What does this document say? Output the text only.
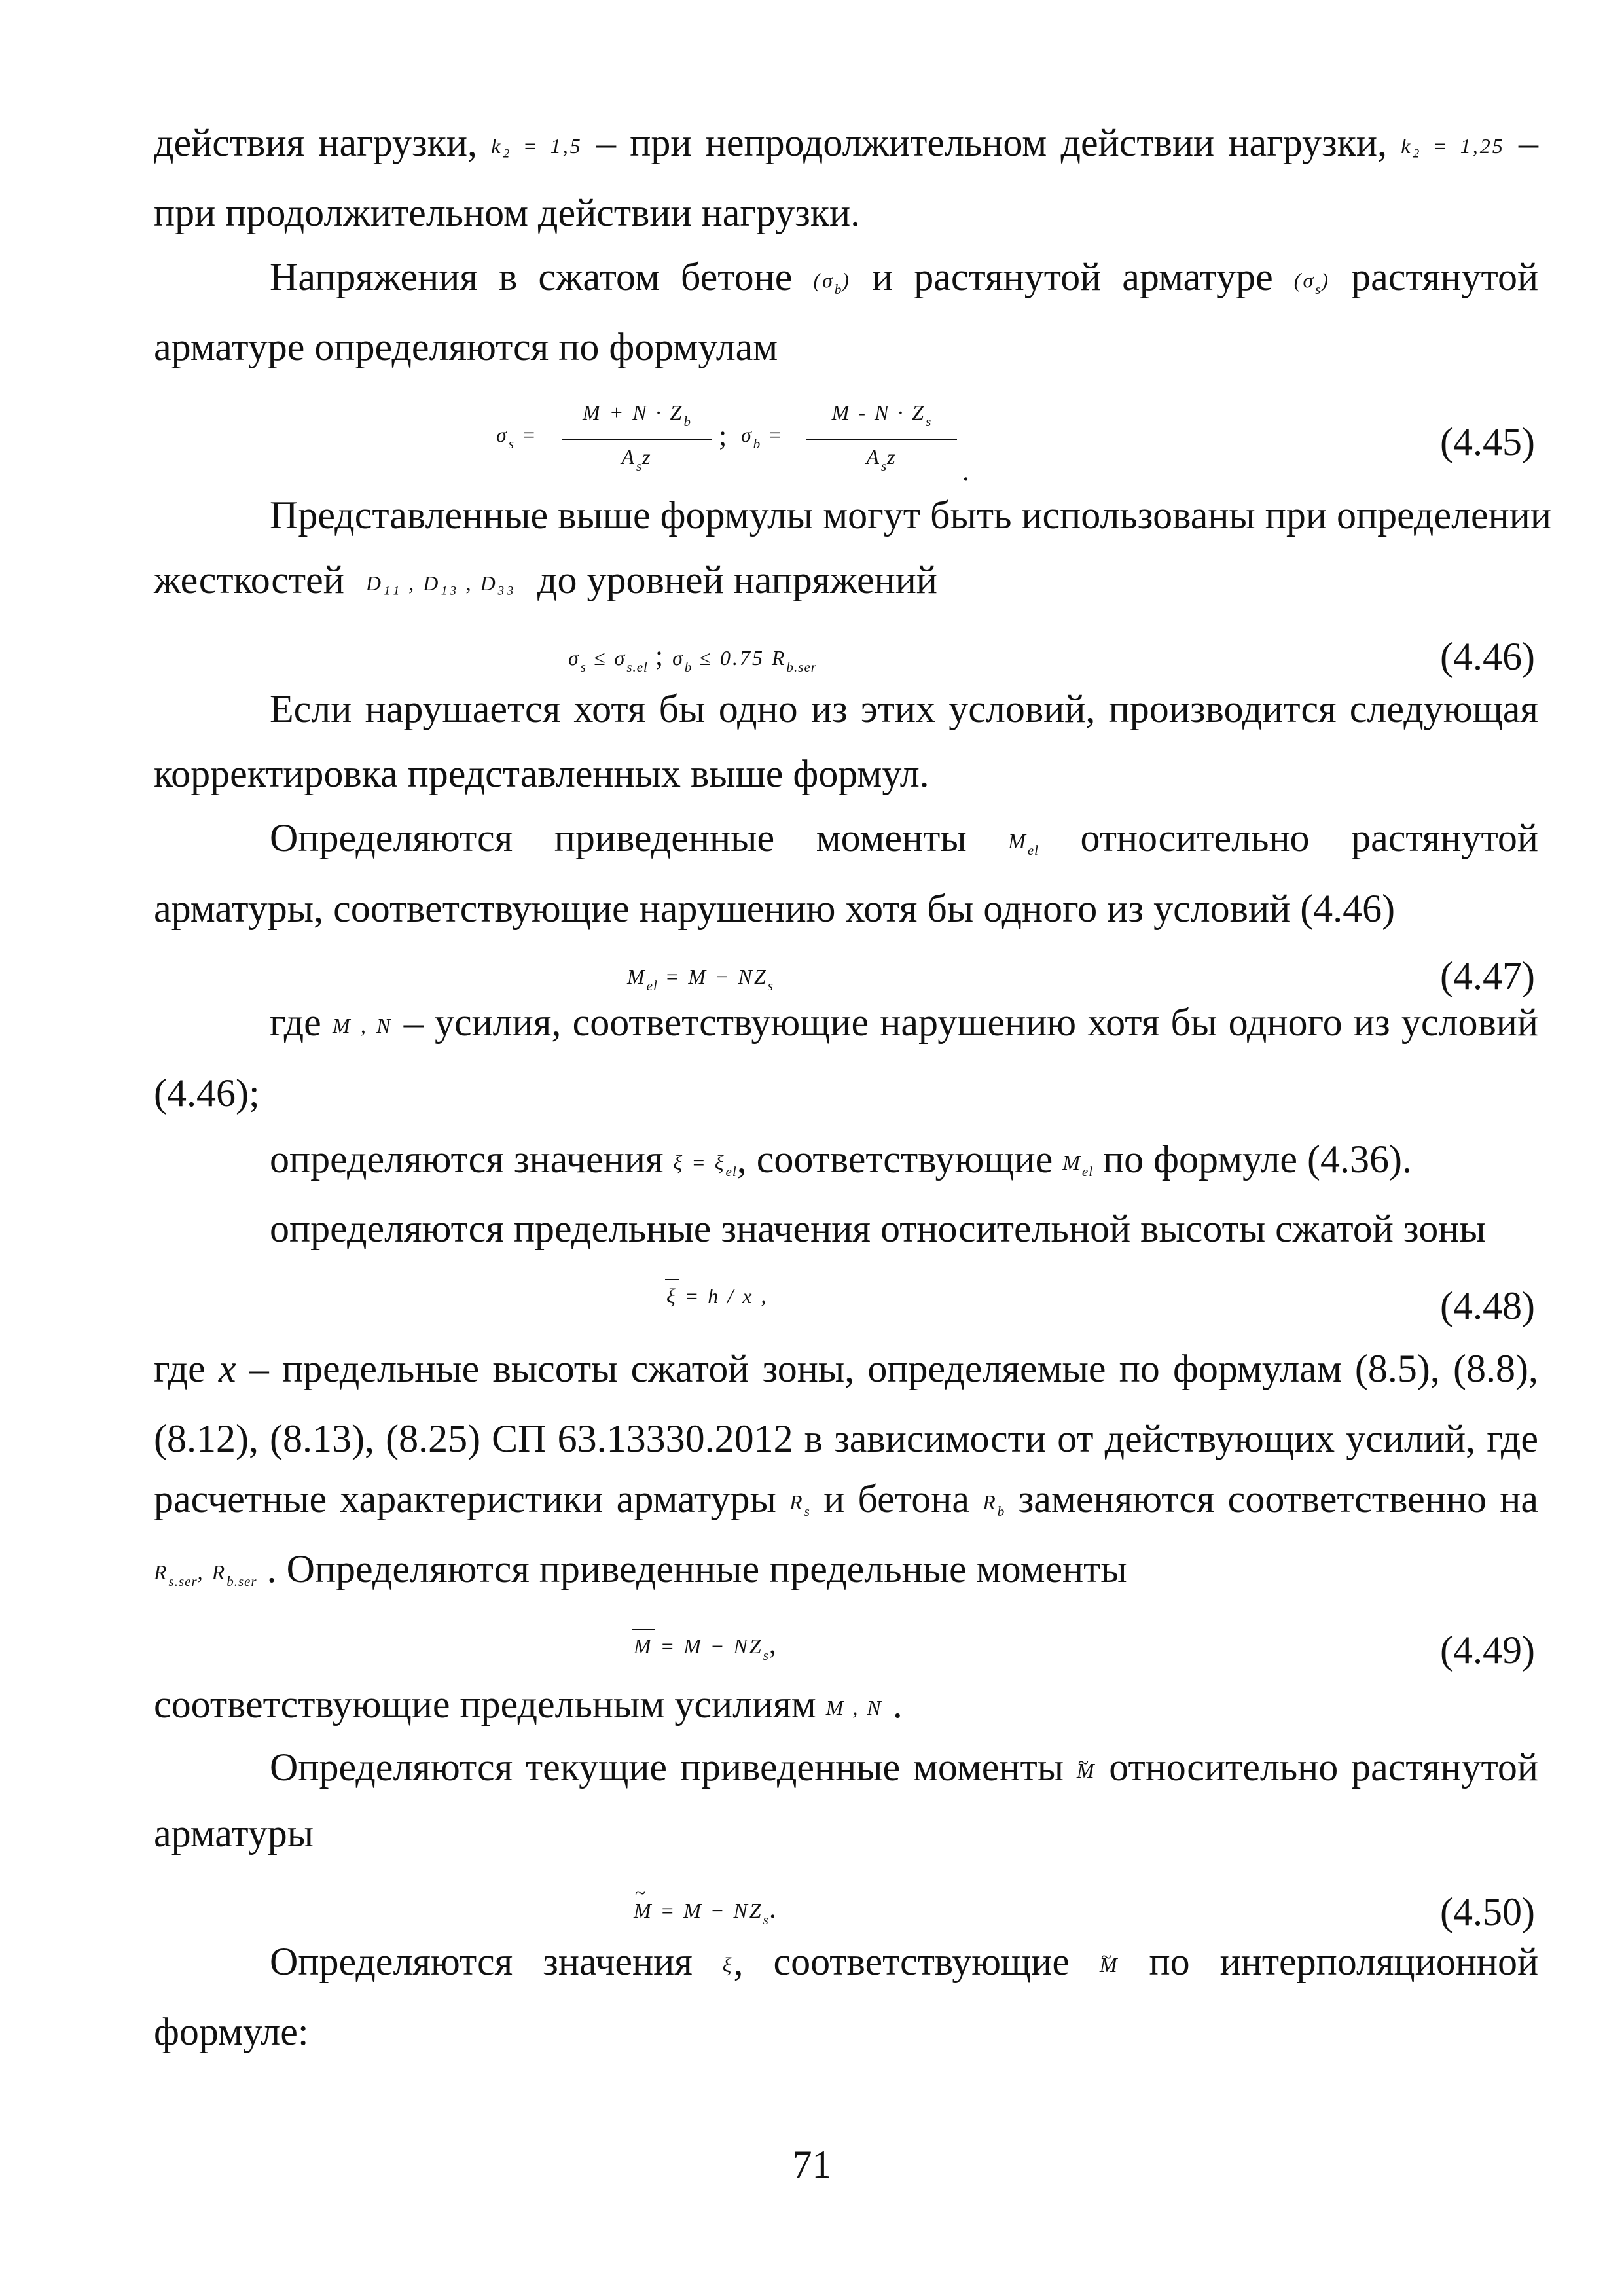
действия нагрузки, k₂ = 1,5 – при непродолжительном действии нагрузки, k₂ = 1,25 –
при продолжительном действии нагрузки.
Напряжения в сжатом бетоне $(\sigma_b)$ и растянутой арматуре $(\sigma_s)$ растянутой
арматуре определяются по формулам
$\sigma_s$ =
$M + N \cdot Z_b$
$A_sz$
; $\sigma_b$ =
$M - N \cdot Z_s$
$A_sz$	.
(4.45)
Представленные выше формулы могут быть использованы при определении
жесткостей D₁₁ , D₁₃ , D₃₃ до уровней напряжений
$\sigma_s \le \sigma_{s.el}$ ; $\sigma_b \le 0.75$ $R_{b.ser}$	(4.46)
Если нарушается хотя бы одно из этих условий, производится следующая
корректировка представленных выше формул.
Определяются приведенные моменты $M_{el}$ относительно растянутой
арматуры, соответствующие нарушению хотя бы одного из условий (4.46)
$M_{el} = M - NZ_s$	(4.47)
где M , N – усилия, соответствующие нарушению хотя бы одного из условий
(4.46);
определяются значения $\xi = \xi_{el}$, соответствующие $M_{el}$ по формуле (4.36).
определяются предельные значения относительной высоты сжатой зоны
ξ = h / x ,	(4.48)
где x – предельные высоты сжатой зоны, определяемые по формулам (8.5), (8.8),
(8.12), (8.13), (8.25) СП 63.13330.2012 в зависимости от действующих усилий, где
расчетные характеристики арматуры $R_s$ и бетона $R_b$ заменяются соответственно на
$R_{s.ser}$, $R_{b.ser}$ . Определяются приведенные предельные моменты
$M = M - NZ_s$,	(4.49)
соответствующие предельным усилиям M , N .
Определяются текущие приведенные моменты ~ M относительно растянутой
арматуры
~ $M = M - NZ_s$.	(4.50)
Определяются значения ξ, соответствующие ~ M по интерполяционной
формуле:
71
